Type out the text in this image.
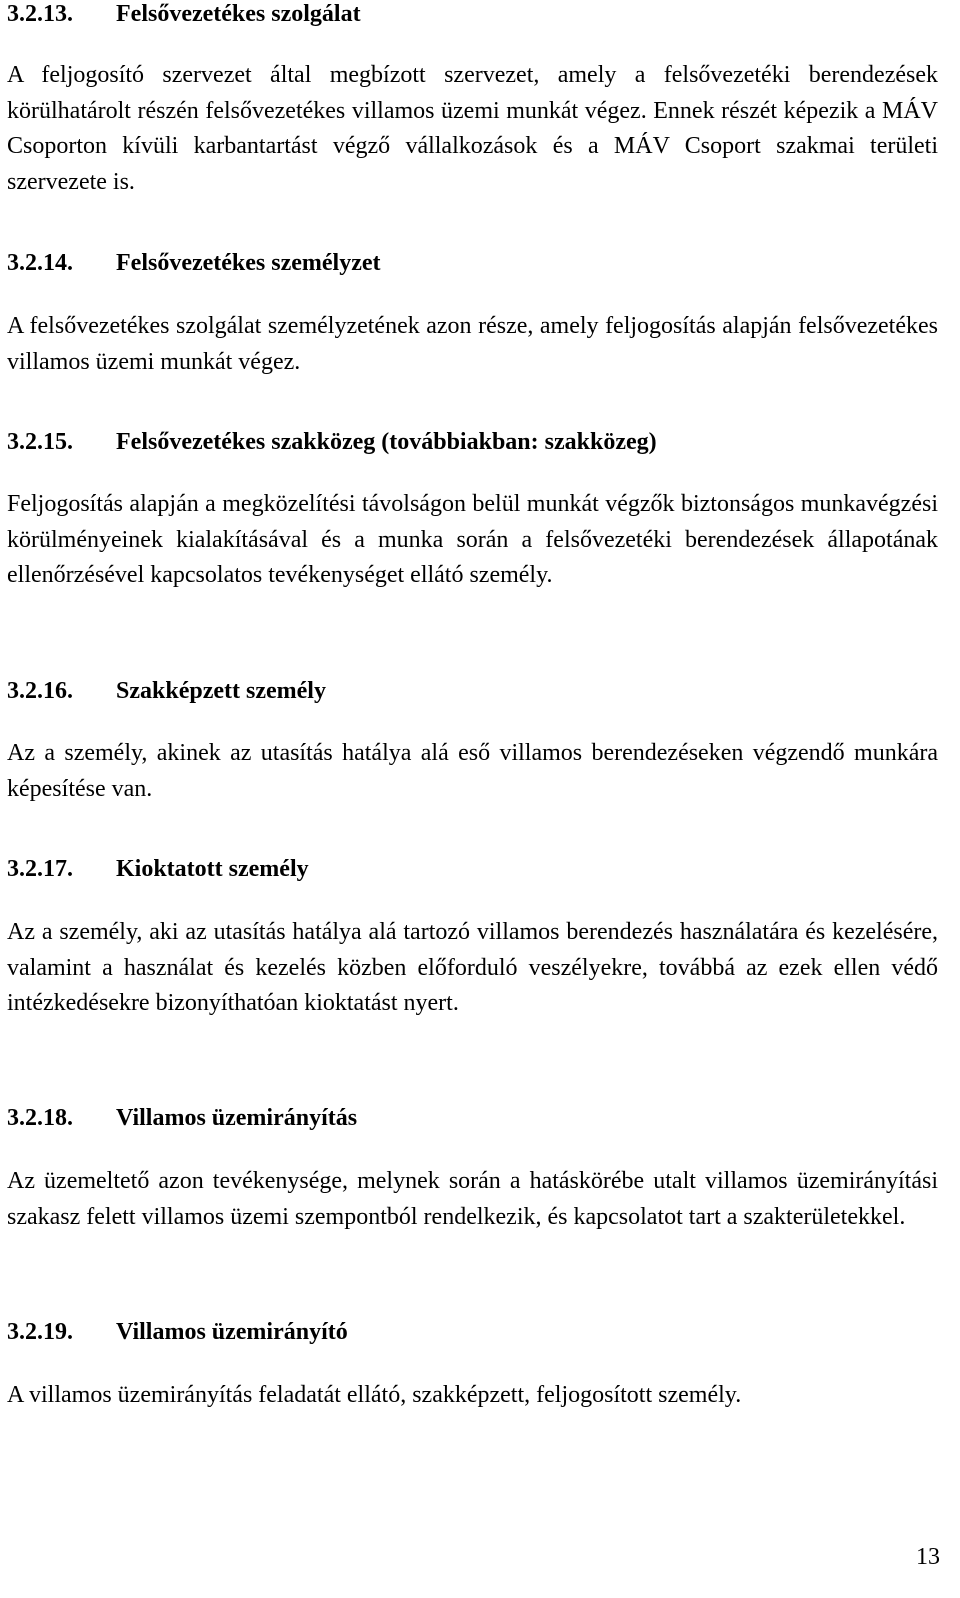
3.2.13. Felsővezetékes szolgálat
A feljogosító szervezet által megbízott szervezet, amely a felsővezetéki berendezések körülhatárolt részén felsővezetékes villamos üzemi munkát végez. Ennek részét képezik a MÁV Csoporton kívüli karbantartást végző vállalkozások és a MÁV Csoport szakmai területi szervezete is.
3.2.14. Felsővezetékes személyzet
A felsővezetékes szolgálat személyzetének azon része, amely feljogosítás alapján felsővezetékes villamos üzemi munkát végez.
3.2.15. Felsővezetékes szakközeg (továbbiakban: szakközeg)
Feljogosítás alapján a megközelítési távolságon belül munkát végzők biztonságos munkavégzési körülményeinek kialakításával és a munka során a felsővezetéki berendezések állapotának ellenőrzésével kapcsolatos tevékenységet ellátó személy.
3.2.16. Szakképzett személy
Az a személy, akinek az utasítás hatálya alá eső villamos berendezéseken végzendő munkára képesítése van.
3.2.17. Kioktatott személy
Az a személy, aki az utasítás hatálya alá tartozó villamos berendezés használatára és kezelésére, valamint a használat és kezelés közben előforduló veszélyekre, továbbá az ezek ellen védő intézkedésekre bizonyíthatóan kioktatást nyert.
3.2.18. Villamos üzemirányítás
Az üzemeltető azon tevékenysége, melynek során a hatáskörébe utalt villamos üzemirányítási szakasz felett villamos üzemi szempontból rendelkezik, és kapcsolatot tart a szakterületekkel.
3.2.19. Villamos üzemirányító
A villamos üzemirányítás feladatát ellátó, szakképzett, feljogosított személy.
13
